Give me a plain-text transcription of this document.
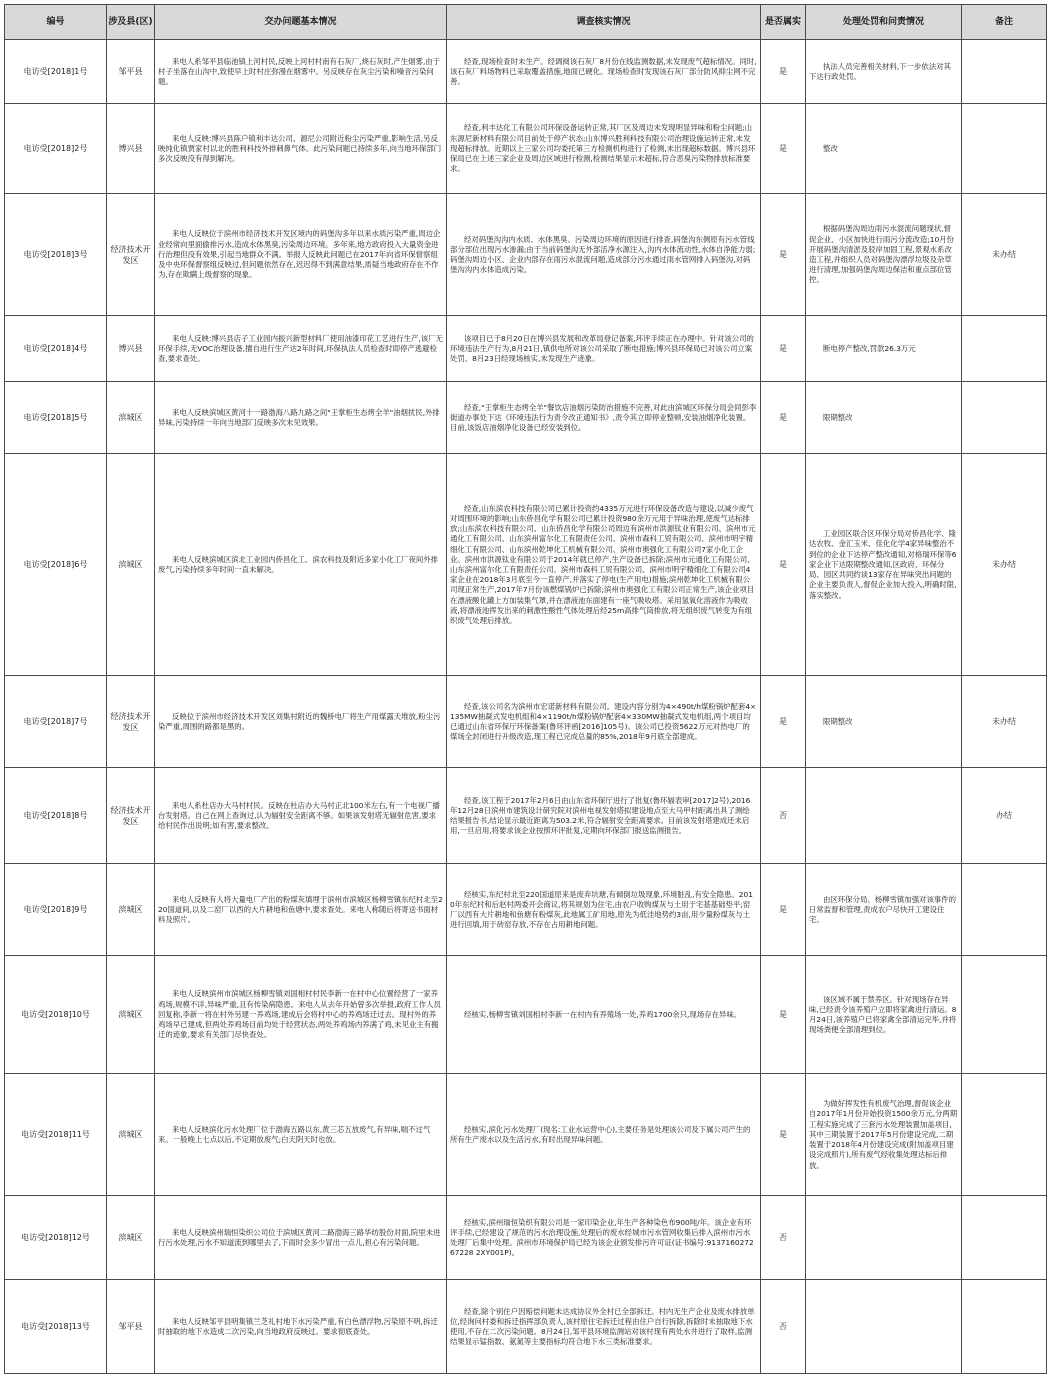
编号	涉及县(区)	交办问题基本情况	调查核实情况	是否属实	处理处罚和问责情况	备注

电访受[2018]1号	邹平县	来电人系邹平县临池镇上河村民,反映上河村村南有石灰厂,烧石灰时,产生烟雾,由于村子坐落在山沟中,致使早上时村庄弥漫在烟雾中。另反映存在灰尘污染和噪音污染问题。	经查,现场检查时未生产。经调阅该石灰厂8月份在线监测数据,未发现废气超标情况。同时,该石灰厂料场物料已采取覆盖措施,地面已硬化。现场检查时发现该石灰厂部分防风抑尘网不完善。	是	执法人员完善相关材料,下一步依法对其下达行政处罚。	

电访受[2018]2号	博兴县	来电人反映:博兴县陈户镇利丰达公司、源尼公司附近粉尘污染严重,影响生活,另反映纯化镇贾家村以北的胜利科技外排刺鼻气体。此污染问题已持续多年,向当地环保部门多次反映没有得到解决。	经查,利丰达化工有限公司环保设备运转正常,其厂区及周边未发现明显异味和粉尘问题;山东源尼新材料有限公司目前处于停产状态;山东博兴胜利科技有限公司治理设施运转正常,未发现超标排放。近期以上三家公司均委托第三方检测机构进行了检测,未出现超标数据。博兴县环保局已在上述三家企业及周边区域进行检测,检测结果显示未超标,符合恶臭污染物排放标准要求。	是	整改	

电访受[2018]3号	经济技术开发区	来电人反映位于滨州市经济技术开发区境内的码堡沟多年以来水质污染严重,周边企业经常向里面偷排污水,造成水体黑臭,污染周边环境。多年来,地方政府投入大量资金进行治理但没有效果,引起当地群众不满。举报人反映此问题已在2017年向省环保督察组及中央环保督察组反映过,但问题依然存在,迟迟得不到满意结果,质疑当地政府存在不作为,存在欺瞒上级督察的现象。	经对码堡沟沟内水质、水体黑臭、污染周边环境的原因进行排查,码堡沟东侧原有污水管线部分部位出现污水渗漏;由于当前码堡沟无外部活净水源注入,沟内水体流动性,水体自净能力弱;码堡沟周边小区、企业内部存在雨污水混流问题,造成部分污水通过雨水管网排入码堡沟,对码堡沟沟内水体造成污染。	是	根据码堡沟周边雨污水混流问题现状,督促企业、小区加快进行雨污分流改造;10月份开展码堡沟清淤及驳岸加固工程,景观水系改造工程,并组织人员对码堡沟漂浮垃圾及杂草进行清理,加强码堡沟周边保洁和重点部位管控。	未办结

电访受[2018]4号	博兴县	来电人反映:博兴县店子工业园内振兴新型材料厂使用油漆印花工艺进行生产,该厂无环保手续,无VOC治理设备,擅自进行生产达2年时间,环保执法人员检查时即停产逃避检查,要求查处。	该项目已于8月20日在博兴县发展和改革局登记备案,环评手续正在办理中。针对该公司的环境违法生产行为,8月21日,镇供电所对该公司采取了断电措施;博兴县环保局已对该公司立案处罚。8月23日经现场核实,未发现生产迹象。	是	断电停产整改,罚款26.3万元	

电访受[2018]5号	滨城区	来电人反映滨城区黄河十一路渤海八路九路之间"王掌柜生态烤全羊"油烟扰民,外排异味,污染持续一年向当地部门反映多次未见效果。	经查,"王掌柜生态烤全羊"餐饮店油烟污染防治措施不完善,对此由滨城区环保分局会同彭李街道办事处下达《环境违法行为责令改正通知书》,责令其立即停业整顿,安装油烟净化装置。目前,该饭店油烟净化设备已经安装到位。	是	限期整改	

电访受[2018]6号	滨城区	来电人反映滨城区滨北工业园内侨昌化工、滨农科技及附近多家小化工厂夜间外排废气,污染持续多年时间一直未解决。	经查,山东滨农科技有限公司已累计投资约4335万元进行环保设备改造与建设,以减少废气对周围环境的影响;山东侨昌化学有限公司已累计投资980余万元用于异味治理,使废气达标排放;山东滨农科技有限公司、山东侨昌化学有限公司周边有滨州市洪源钛业有限公司、滨州市元通化工有限公司、山东滨州富尔化工有限责任公司、滨州市森科工贸有限公司、滨州市明宇精细化工有限公司、山东滨州乾坤化工机械有限公司、滨州市奥强化工有限公司7家小化工企业。滨州市洪源钛业有限公司于2014年就已停产,生产设备已拆除;滨州市元通化工有限公司、山东滨州富尔化工有限责任公司、滨州市森科工贸有限公司、滨州市明宇精细化工有限公司4家企业在2018年3月底至今一直停产,并落实了停电(生产用电)措施;滨州乾坤化工机械有限公司现正常生产,2017年7月份该燃煤锅炉已拆除;滨州市奥强化工有限公司正常生产,该企业项目在漂液酸化罐上方加装集气罩,并在漂液池东面建有一座气吸收塔。采用氢氧化溶液作为吸收液,将漂液池挥发出来的刺激性酸性气体处理后经25m高排气筒排放,将无组织废气转变为有组织废气处理后排放。	是	工业园区联合区环保分局对侨昌化学、隆达农牧、金汇玉米、佳化化学4家异味整治不到位的企业下达停产整改通知,对格瑞环保等6家企业下达限期整改通知,区政府、环保分局、园区共同约谈13家存在异味突出问题的企业主要负责人,督促企业加大投入,明确时限,落实整改。	未办结

电访受[2018]7号	经济技术开发区	反映位于滨州市经济技术开发区刘集村附近的魏桥电厂将生产用煤露天堆放,粉尘污染严重,周围的路都是黑的。	经查,该公司名为滨州市宏诺新材料有限公司。建设内容分别为4×490t/h煤粉锅炉配套4×135MW抽凝式发电机组和4×1190t/h煤粉锅炉配套4×330MW抽凝式发电机组,两个项目均已通过山东省环保厅环保备案(鲁环评函[2016]105号)。该公司已投资5622万元对热电厂的煤场全封闭进行升级改造,现工程已完成总量的85%,2018年9月底全部建成。	是	限期整改	未办结

电访受[2018]8号	经济技术开发区	来电人系杜店办大马村村民。反映在杜店办大马村正北100米左右,有一个电视广播台发射塔。自己在网上查询过,认为辐射安全距离不够。如果该发射塔无辐射危害,要求给村民作出说明;如有害,要求整改。	经查,该工程于2017年2月6日由山东省环保厅进行了批复(鲁环辐表审[2017]2号),2016年12月28日滨州市建筑设计研究院对滨州电视发射塔拟建设地点至大马甲村距离出具了测绘结果报告书,结论显示最近距离为503.2米,符合辐射安全距离要求。目前该发射塔建成还未启用,一旦启用,将要求该企业按照环评批复,定期向环保部门报送监测报告。	否		办结

电访受[2018]9号	滨城区	来电人反映有人将大量电厂产出的粉煤灰填埋于滨州市滨城区杨柳雪镇东纪村北至220国道间,以及二窑厂以西的大片耕地和鱼塘中,要求查处。来电人称随后将寄送书面材料及照片。	经核实,东纪村北至220国道原来是废弃坑塘,有倾倒垃圾现象,环境脏乱,有安全隐患。2010年东纪村和后赵村两委开会商议,将其规划为住宅,由农户收购煤灰与土用于宅基基础垫平;窑厂以西有大片耕地和鱼塘有粉煤灰,此地属工矿用地,原先为低洼地势约3亩,用少量粉煤灰与土进行回填,用于砖窑存放,不存在占用耕地问题。	是	由区环保分局、杨柳雪镇加强对该事件的日常监督和管理,责成农户尽快开工建设住宅。	

电访受[2018]10号	滨城区	来电人反映滨州市滨城区杨柳雪镇刘国相村村民李新一在村中心位置经营了一家养鸡场,规模不详,异味严重,且有传染病隐患。来电人从去年开始曾多次举报,政府工作人员回复称,李新一将在村外另建一养鸡场,建成后会将村中心的养鸡场迁过去。现村外的养鸡场早已建成,但两处养鸡场目前均处于经营状态,两处养鸡场内养满了鸡,未见业主有搬迁的迹象,要求有关部门尽快查处。	经核实,杨柳雪镇刘国相村李新一在村内有养殖场一处,养鸡1700余只,现场存在异味。	是	该区域不属于禁养区。针对现场存在异味,已经责令该养殖户立即将家禽进行清运。8月24日,该养殖户已将家禽全部清运完毕,并将现场粪便全部清理到位。	

电访受[2018]11号	滨城区	来电人反映滨化污水处理厂位于渤海五路以东,黄三芯五放废气,有异味,喘不过气来。一般晚上七点以后,不定期放废气;白天阴天时也放。	经核实,滨化污水处理厂(现名:工业水运营中心),主要任务是处理该公司及下属公司产生的所有生产废水以及生活污水,有时出现异味问题。	是	为做好挥发性有机废气治理,督促该企业自2017年1月份开始投资1500余万元,分两期工程实施完成了三套污水处理装置加盖项目,其中三期装置于2017年5月份建设完成,二期装置于2018年4月份建设完成(附加盖项目建设完成照片),所有废气经收集处理达标后排放。	

电访受[2018]12号	滨城区	来电人反映滨州瑞恒染织公司位于滨城区黄河二路渤海三路华纺股份对面,院里未进行污水处理,污水不知道流到哪里去了,下雨时会多少冒出一点儿,担心有污染问题。	经核实,滨州瑞恒染织有限公司是一家印染企业,年生产各种染色布900吨/年。该企业有环评手续,已经建设了规范的污水治理设施,处理后的废水经城市污水管网收集后排入滨州市污水处理厂后集中处理。滨州市环境保护局已经为该企业颁发排污许可证(证书编号:913716027267228 2XY001P)。	否		

电访受[2018]13号	邹平县	来电人反映邹平县明集镇兰芝礼村地下水污染严重,有白色漂浮物,污染原不明,拆迁时抽取的地下水造成二次污染,向当地政府反映过。要求彻底查处。	经查,除个别住户因赔偿问题未达成协议外全村已全部拆迁。村内无生产企业及废水排放单位,经询问村委和拆迁指挥部负责人,该村原住宅拆迁过程由住户自行拆除,拆除时未抽取地下水使用,不存在二次污染问题。8月24日,邹平县环境监测站对该村现有两处水井进行了取样,监测结果显示锰指数、氨氮等主要指标均符合地下水三类标准要求。	否		
